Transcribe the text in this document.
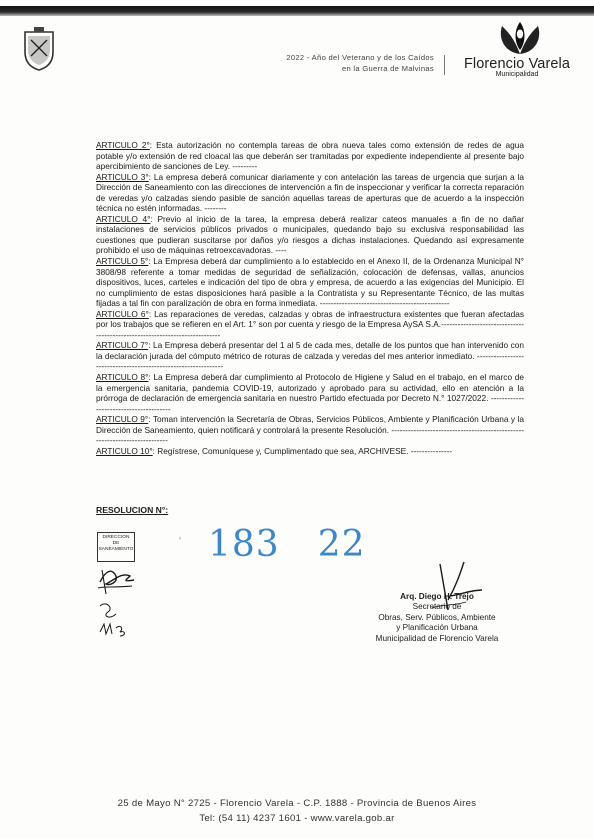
2022 - Año del Veterano y de los Caídos
en la Guerra de Malvinas	Florencio Varela
Municipalidad

ARTICULO 2°: Esta autorización no contempla tareas de obra nueva tales como extensión de redes de agua potable y/o extensión de red cloacal las que deberán ser tramitadas por expediente independiente al presente bajo apercibimiento de sanciones de Ley. ---------

ARTICULO 3°: La empresa deberá comunicar diariamente y con antelación las tareas de urgencia que surjan a la Dirección de Saneamiento con las direcciones de intervención a fin de inspeccionar y verificar la correcta reparación de veredas y/o calzadas siendo pasible de sanción aquellas tareas de aperturas que de acuerdo a la inspección técnica no estén informadas. --------

ARTICULO 4°: Previo al inicio de la tarea, la empresa deberá realizar cateos manuales a fin de no dañar instalaciones de servicios públicos privados o municipales, quedando bajo su exclusiva responsabilidad las cuestiones que pudieran suscitarse por daños y/o riesgos a dichas instalaciones. Quedando así expresamente prohibido el uso de máquinas retroexcavadoras. ----

ARTICULO 5°: La Empresa deberá dar cumplimiento a lo establecido en el Anexo II, de la Ordenanza Municipal N° 3808/98 referente a tomar medidas de seguridad de señalización, colocación de defensas, vallas, anuncios dispositivos, luces, carteles e indicación del tipo de obra y empresa, de acuerdo a las exigencias del Municipio. El no cumplimiento de estas disposiciones hará pasible a la Contratista y su Representante Técnico, de las multas fijadas a tal fin con paralización de obra en forma inmediata. -----------------------------------------------

ARTICULO 6°: Las reparaciones de veredas, calzadas y obras de infraestructura existentes que fueran afectadas por los trabajos que se refieren en el Art. 1° son por cuenta y riesgo de la Empresa AySA S.A.---------------------------------------------------------------------------

ARTICULO 7°: La Empresa deberá presentar del 1 al 5 de cada mes, detalle de los puntos que han intervenido con la declaración jurada del cómputo métrico de roturas de calzada y veredas del mes anterior inmediato. ---------------------------------------------------------------

ARTICULO 8°: La Empresa deberá dar cumplimiento al Protocolo de Higiene y Salud en el trabajo, en el marco de la emergencia sanitaria, pandemia COVID-19, autorizado y aprobado para su actividad, ello en atención a la prórroga de declaración de emergencia sanitaria en nuestro Partido efectuada por Decreto N.° 1027/2022. ---------------------------------------

ARTICULO 9°: Toman intervención la Secretaría de Obras, Servicios Públicos, Ambiente y Planificación Urbana y la Dirección de Saneamiento, quien notificará y controlará la presente Resolución. --------------------------------------------------------------------------

ARTICULO 10°: Regístrese, Comuníquese y, Cumplimentado que sea, ARCHIVESE. ---------------

RESOLUCION N°:
› 183 22
DIRECCION
DE
SANEAMIENTO
Arq. Diego H. Trejo
Secretario de
Obras, Serv. Públicos, Ambiente
y Planificación Urbana
Municipalidad de Florencio Varela
25 de Mayo N° 2725 - Florencio Varela - C.P. 1888 - Provincia de Buenos Aires
Tel: (54 11) 4237 1601 - www.varela.gob.ar
